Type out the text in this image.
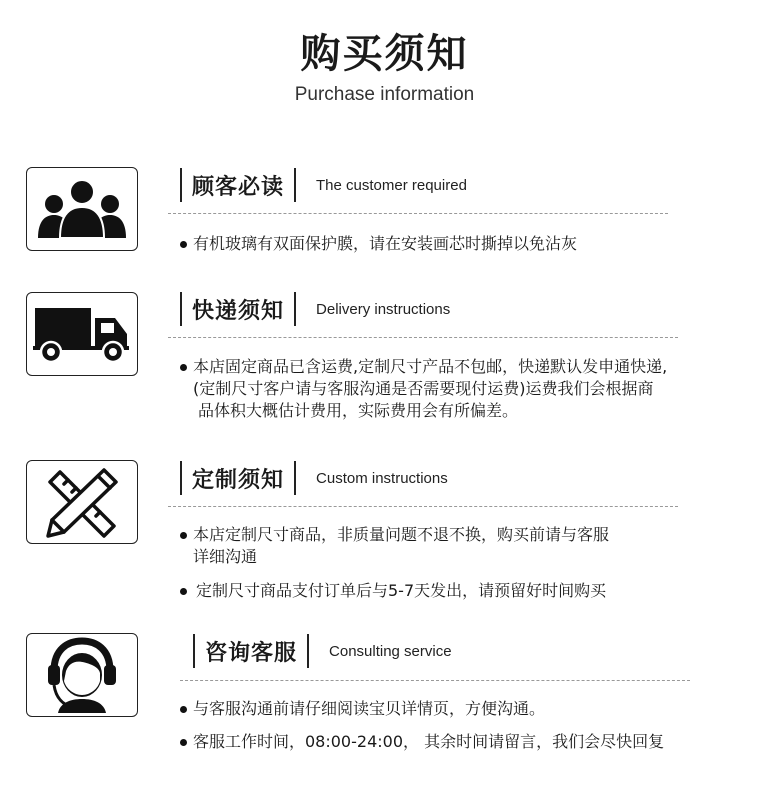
购买须知
Purchase information
顾客必读	The customer required
有机玻璃有双面保护膜，请在安装画芯时撕掉以免沾灰
快递须知	Delivery instructions
本店固定商品已含运费,定制尺寸产品不包邮，快递默认发申通快递,
(定制尺寸客户请与客服沟通是否需要现付运费)运费我们会根据商
品体积大概估计费用，实际费用会有所偏差。
定制须知	Custom instructions
本店定制尺寸商品，非质量问题不退不换，购买前请与客服
详细沟通
定制尺寸商品支付订单后与5-7天发出，请预留好时间购买
咨询客服	Consulting service
与客服沟通前请仔细阅读宝贝详情页，方便沟通。
客服工作时间，08:00-24:00， 其余时间请留言，我们会尽快回复
